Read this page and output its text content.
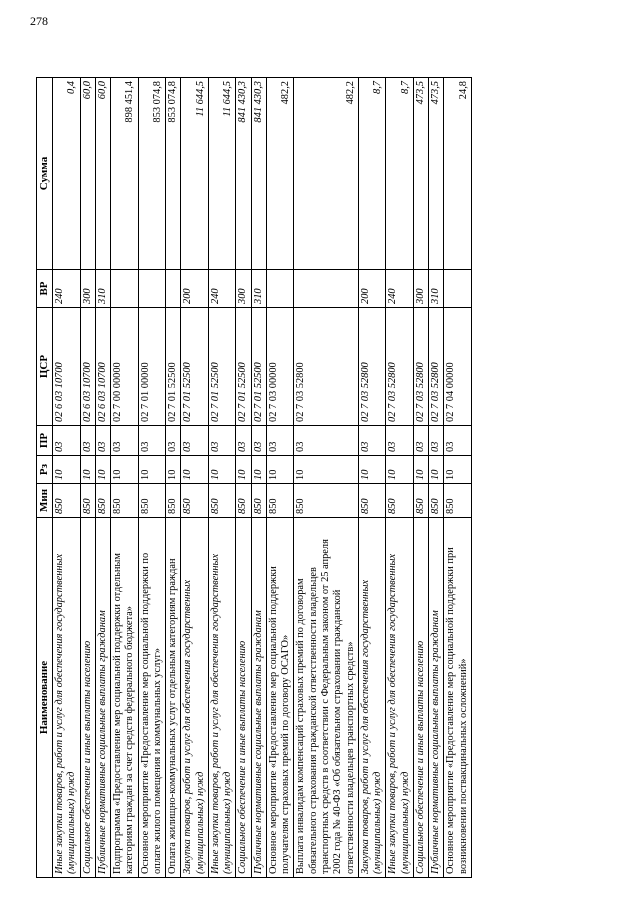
278
Наименование	Мин	Рз	ПР	ЦСР	ВР	Сумма
Иные закупки товаров, работ и услуг для обеспечения государственных (муниципальных) нужд	850	10	03	02 6 03 10700	240	0,4
Социальное обеспечение и иные выплаты населению	850	10	03	02 6 03 10700	300	60,0
Публичные нормативные социальные выплаты гражданам	850	10	03	02 6 03 10700	310	60,0
Подпрограмма «Предоставление мер социальной поддержки отдельным категориям граждан за счет средств федерального бюджета»	850	10	03	02 7 00 00000		898 451,4
Основное мероприятие «Предоставление мер социальной поддержки по оплате жилого помещения и коммунальных услуг»	850	10	03	02 7 01 00000		853 074,8
Оплата жилищно-коммунальных услуг отдельным категориям граждан	850	10	03	02 7 01 52500		853 074,8
Закупка товаров, работ и услуг для обеспечения государственных (муниципальных) нужд	850	10	03	02 7 01 52500	200	11 644,5
Иные закупки товаров, работ и услуг для обеспечения государственных (муниципальных) нужд	850	10	03	02 7 01 52500	240	11 644,5
Социальное обеспечение и иные выплаты населению	850	10	03	02 7 01 52500	300	841 430,3
Публичные нормативные социальные выплаты гражданам	850	10	03	02 7 01 52500	310	841 430,3
Основное мероприятие «Предоставление мер социальной поддержки получателям страховых премий по договору ОСАГО»	850	10	03	02 7 03 00000		482,2
Выплата инвалидам компенсаций страховых премий по договорам обязательного страхования гражданской ответственности владельцев транспортных средств в соответствии с Федеральным законом от 25 апреля 2002 года № 40-ФЗ «Об обязательном страховании гражданской ответственности владельцев транспортных средств»	850	10	03	02 7 03 52800		482,2
Закупка товаров, работ и услуг для обеспечения государственных (муниципальных) нужд	850	10	03	02 7 03 52800	200	8,7
Иные закупки товаров, работ и услуг для обеспечения государственных (муниципальных) нужд	850	10	03	02 7 03 52800	240	8,7
Социальное обеспечение и иные выплаты населению	850	10	03	02 7 03 52800	300	473,5
Публичные нормативные социальные выплаты гражданам	850	10	03	02 7 03 52800	310	473,5
Основное мероприятие «Предоставление мер социальной поддержки при возникновении поствакцинальных осложнений»	850	10	03	02 7 04 00000		24,8
